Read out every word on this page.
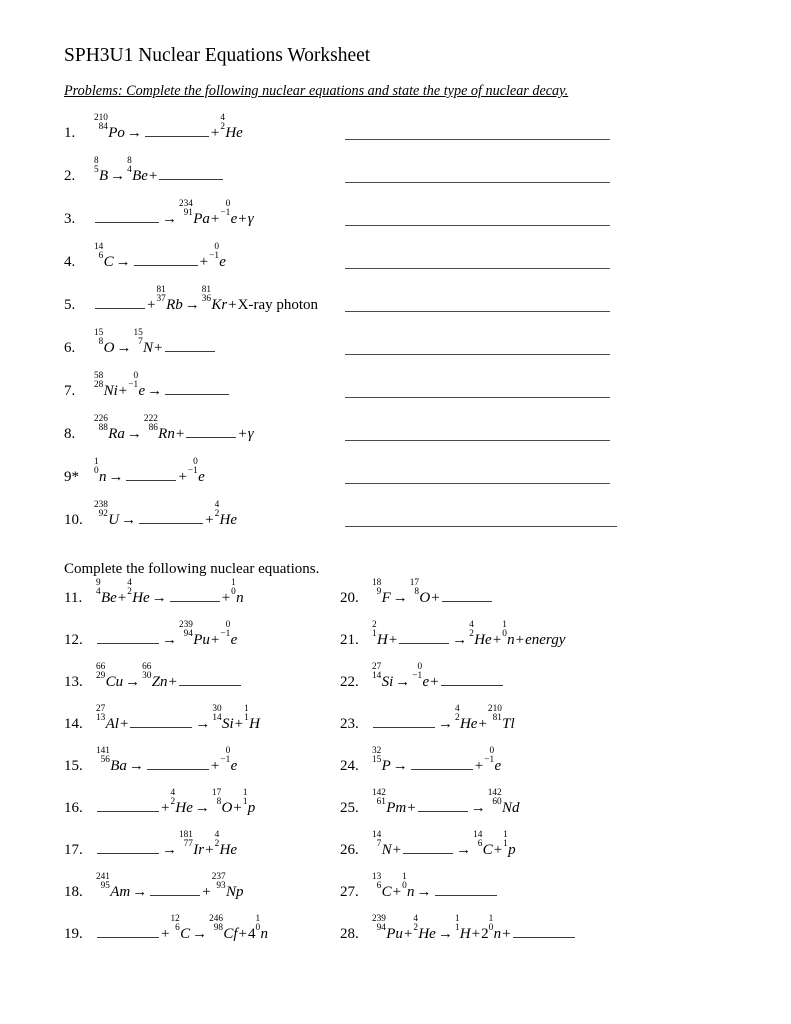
SPH3U1 Nuclear Equations Worksheet
Problems: Complete the following nuclear equations and state the type of nuclear decay.
Complete the following nuclear equations.
1.
210
84 Po →	+
4
2 He
2.
8
5 B →
8
4 Be+
3.	→
234
91 Pa+
0
−1 e+γ
4.
14
6 C →	+
0
−1 e
5.	+
81
37 Rb →
81
36 Kr+X-ray photon
6.
15
8 O →
15
7 N+
7.
58
28 Ni+
0
−1 e →
8.
226
88 Ra →
222
86 Rn+	+γ
9*
1
0 n →	+
0
−1 e
10.
238
92 U →	+
4
2 He
11.
9
4 Be+
4
2 He →	+
1
0 n
12.	→
239
94 Pu+
0
−1 e
13.
66
29 Cu →
66
30 Zn+
14.
27
13 Al+	→
30
14 Si+
1
1 H
15.
141
56 Ba →	+
0
−1 e
16.	+
4
2 He →
17
8 O+
1
1 p
17.	→
181
77 Ir+
4
2 He
18.
241
95 Am →	+
237
93 Np
19.	+
12
6 C →
246
98 Cf+4
1
0 n
20.
18
9 F →
17
8 O+
21.
2
1 H+	→
4
2 He+
1
0 n+energy
22.
27
14 Si →
0
−1 e+
23.	→
4
2 He+
210
81 Tl
24.
32
15 P →	+
0
−1 e
25.
142
61 Pm+	→
142
60 Nd
26.
14
7 N+	→
14
6 C+
1
1 p
27.
13
6 C+
1
0 n →
28.
239
94 Pu+
4
2 He →
1
1 H+2
1
0 n+
